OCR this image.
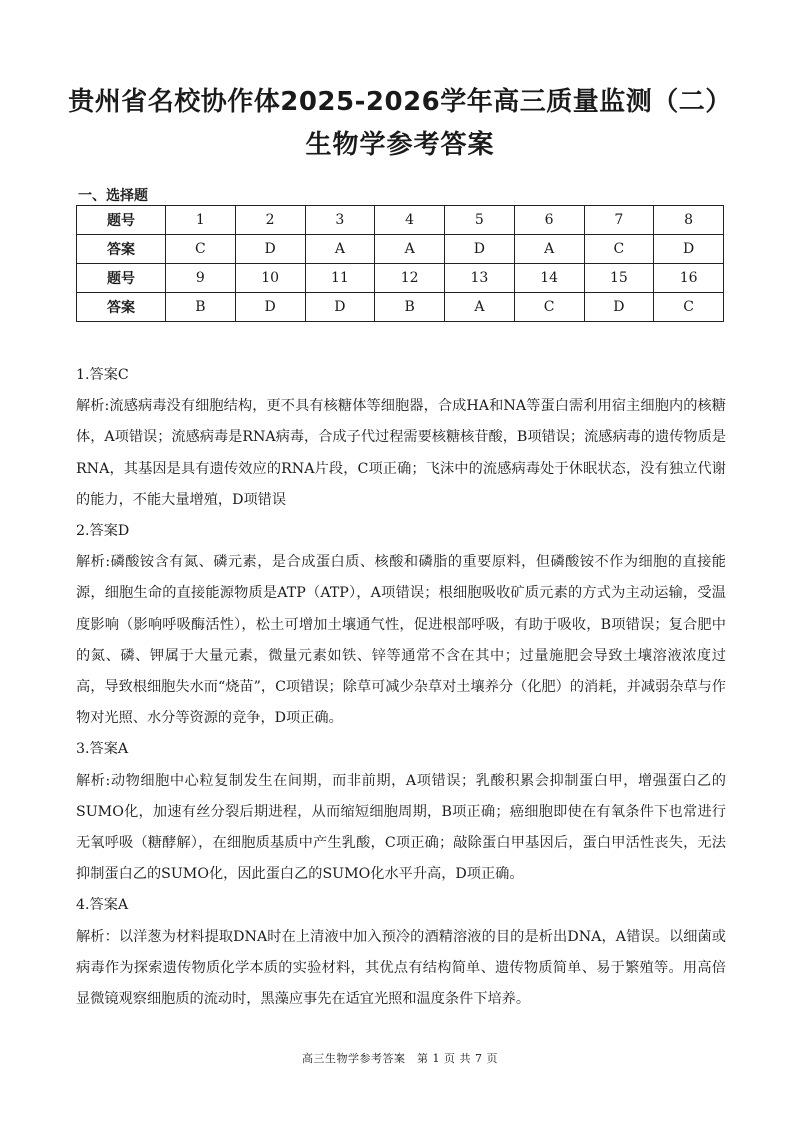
贵州省名校协作体2025-2026学年高三质量监测（二）
生物学参考答案
一、选择题
题号	1	2	3	4	5	6	7	8
答案	C	D	A	A	D	A	C	D
题号	9	10	11	12	13	14	15	16
答案	B	D	D	B	A	C	D	C

1.答案C

解析:流感病毒没有细胞结构，更不具有核糖体等细胞器，合成HA和NA等蛋白需利用宿主细胞内的核糖体，A项错误；流感病毒是RNA病毒，合成子代过程需要核糖核苷酸，B项错误；流感病毒的遗传物质是RNA，其基因是具有遗传效应的RNA片段，C项正确；飞沫中的流感病毒处于休眠状态，没有独立代谢的能力，不能大量增殖，D项错误

2.答案D

解析:磷酸铵含有氮、磷元素，是合成蛋白质、核酸和磷脂的重要原料，但磷酸铵不作为细胞的直接能源，细胞生命的直接能源物质是ATP（ATP），A项错误；根细胞吸收矿质元素的方式为主动运输，受温度影响（影响呼吸酶活性），松土可增加土壤通气性，促进根部呼吸，有助于吸收，B项错误；复合肥中的氮、磷、钾属于大量元素，微量元素如铁、锌等通常不含在其中；过量施肥会导致土壤溶液浓度过高，导致根细胞失水而“烧苗”，C项错误；除草可减少杂草对土壤养分（化肥）的消耗，并减弱杂草与作物对光照、水分等资源的竞争，D项正确。

3.答案A

解析:动物细胞中心粒复制发生在间期，而非前期，A项错误；乳酸积累会抑制蛋白甲，增强蛋白乙的SUMO化，加速有丝分裂后期进程，从而缩短细胞周期，B项正确；癌细胞即使在有氧条件下也常进行无氧呼吸（糖酵解），在细胞质基质中产生乳酸，C项正确；敲除蛋白甲基因后，蛋白甲活性丧失，无法抑制蛋白乙的SUMO化，因此蛋白乙的SUMO化水平升高，D项正确。

4.答案A

解析：以洋葱为材料提取DNA时在上清液中加入预冷的酒精溶液的目的是析出DNA，A错误。以细菌或病毒作为探索遗传物质化学本质的实验材料，其优点有结构简单、遗传物质简单、易于繁殖等。用高倍显微镜观察细胞质的流动时，黑藻应事先在适宜光照和温度条件下培养。

高三生物学参考答案　第 1 页 共 7 页
